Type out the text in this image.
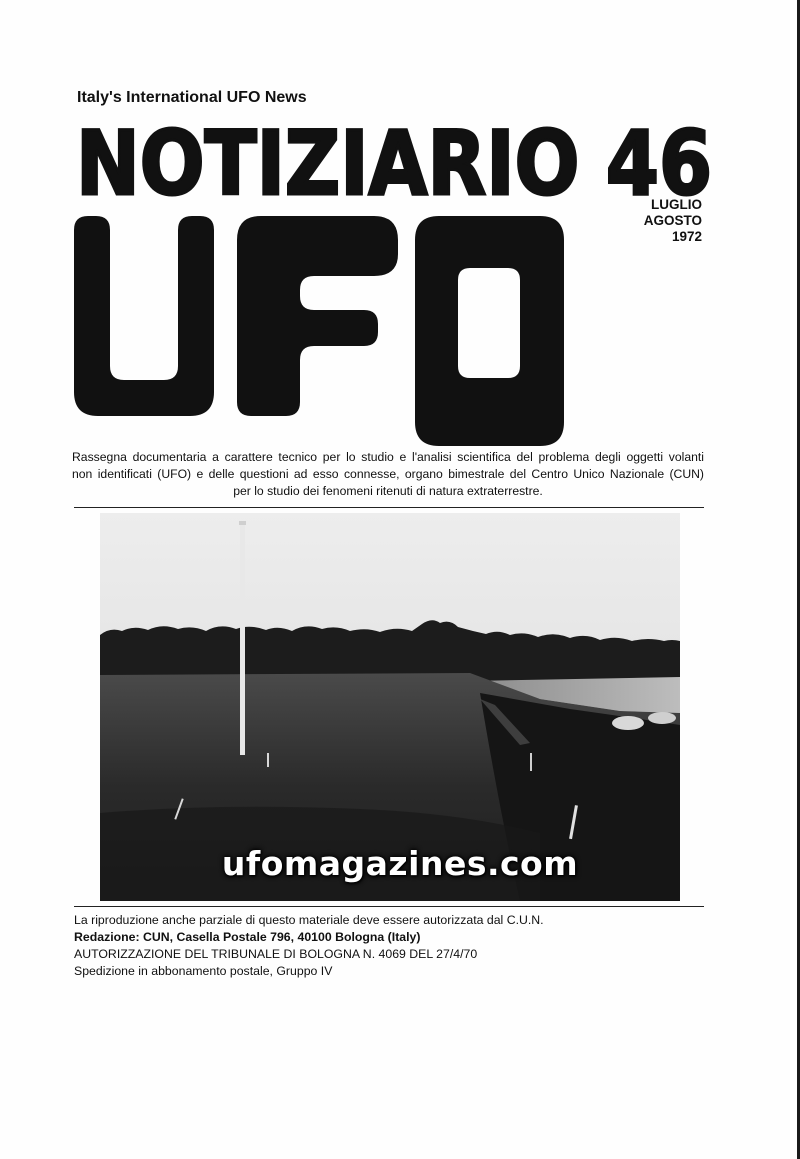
Italy's International UFO News
NOTIZIARIO 46
LUGLIO
AGOSTO
1972
Rassegna documentaria a carattere tecnico per lo studio e l'analisi scientifica del problema degli oggetti volanti
non identificati (UFO) e delle questioni ad esso connesse, organo bimestrale del Centro Unico Nazionale (CUN)
per lo studio dei fenomeni ritenuti di natura extraterrestre.
ufomagazines.com
La riproduzione anche parziale di questo materiale deve essere autorizzata dal C.U.N.
Redazione: CUN, Casella Postale 796, 40100 Bologna (Italy)
AUTORIZZAZIONE DEL TRIBUNALE DI BOLOGNA N. 4069 DEL 27/4/70
Spedizione in abbonamento postale, Gruppo IV
